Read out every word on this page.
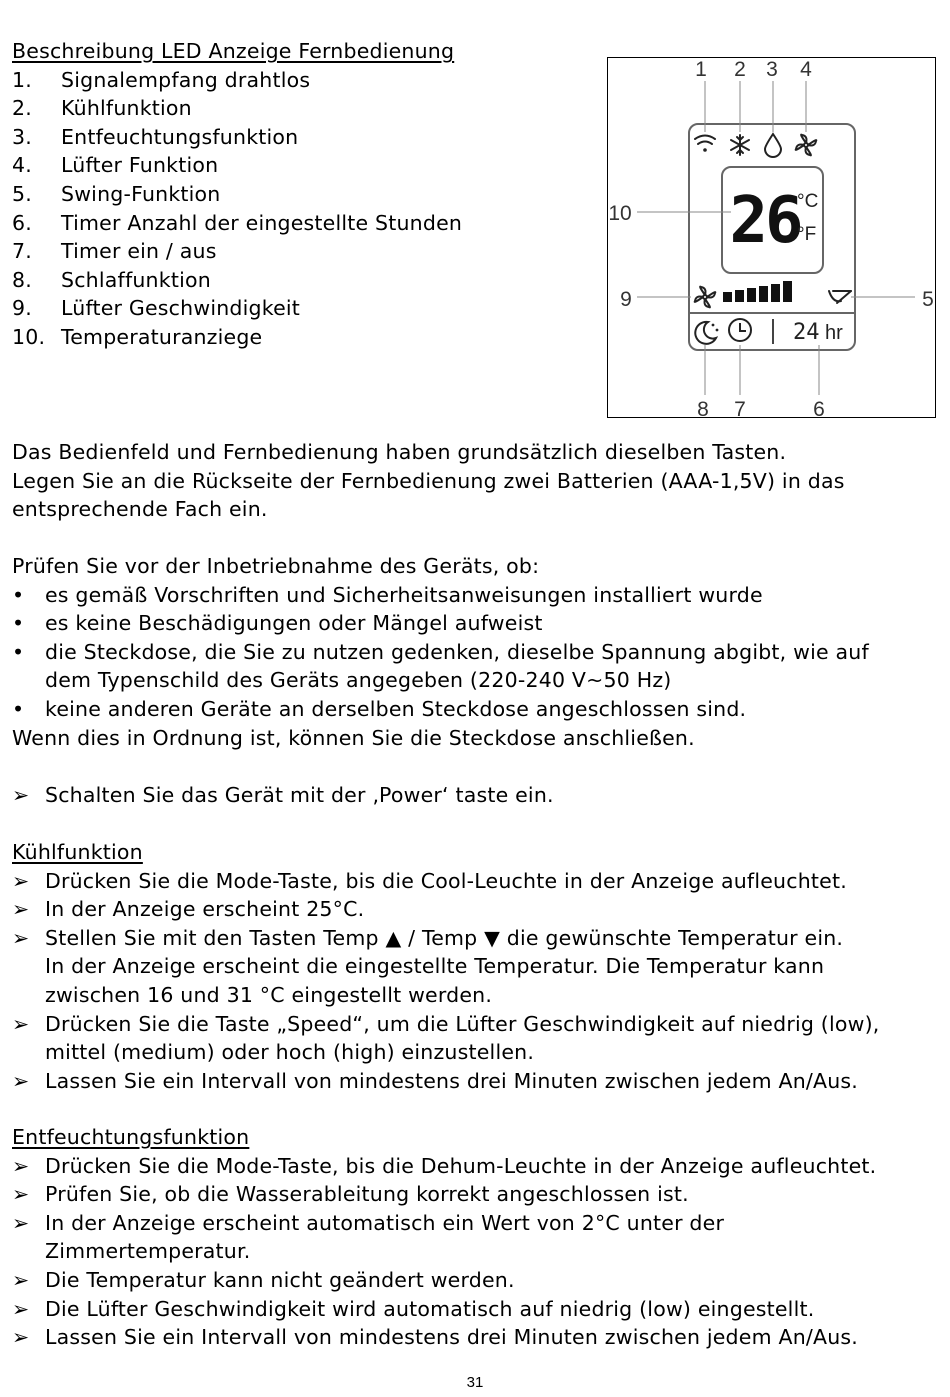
Beschreibung LED Anzeige Fernbedienung
1. Signalempfang drahtlos
2. Kühlfunktion
3. Entfeuchtungsfunktion
4. Lüfter Funktion
5. Swing-Funktion
6. Timer Anzahl der eingestellte Stunden
7. Timer ein / aus
8. Schlaffunktion
9. Lüfter Geschwindigkeit
10. Temperaturanziege
1 2 3 4
5
6
7
8
9
10 26
°C
°F
24 hr
Das Bedienfeld und Fernbedienung haben grundsätzlich dieselben Tasten.
Legen Sie an die Rückseite der Fernbedienung zwei Batterien (AAA-1,5V) in das
entsprechende Fach ein.
Prüfen Sie vor der Inbetriebnahme des Geräts, ob:
• es gemäß Vorschriften und Sicherheitsanweisungen installiert wurde
• es keine Beschädigungen oder Mängel aufweist
• die Steckdose, die Sie zu nutzen gedenken, dieselbe Spannung abgibt, wie auf
dem Typenschild des Geräts angegeben (220-240 V~50 Hz)
• keine anderen Geräte an derselben Steckdose angeschlossen sind.
Wenn dies in Ordnung ist, können Sie die Steckdose anschließen.
➢ Schalten Sie das Gerät mit der ‚Power‘ taste ein.
Kühlfunktion
➢ Drücken Sie die Mode-Taste, bis die Cool-Leuchte in der Anzeige aufleuchtet.
➢ In der Anzeige erscheint 25°C.
➢ Stellen Sie mit den Tasten Temp ▲ / Temp ▼ die gewünschte Temperatur ein.
In der Anzeige erscheint die eingestellte Temperatur. Die Temperatur kann
zwischen 16 und 31 °C eingestellt werden.
➢ Drücken Sie die Taste „Speed“, um die Lüfter Geschwindigkeit auf niedrig (low),
mittel (medium) oder hoch (high) einzustellen.
➢ Lassen Sie ein Intervall von mindestens drei Minuten zwischen jedem An/Aus.
Entfeuchtungsfunktion
➢ Drücken Sie die Mode-Taste, bis die Dehum-Leuchte in der Anzeige aufleuchtet.
➢ Prüfen Sie, ob die Wasserableitung korrekt angeschlossen ist.
➢ In der Anzeige erscheint automatisch ein Wert von 2°C unter der
Zimmertemperatur.
➢ Die Temperatur kann nicht geändert werden.
➢ Die Lüfter Geschwindigkeit wird automatisch auf niedrig (low) eingestellt.
➢ Lassen Sie ein Intervall von mindestens drei Minuten zwischen jedem An/Aus.
31
